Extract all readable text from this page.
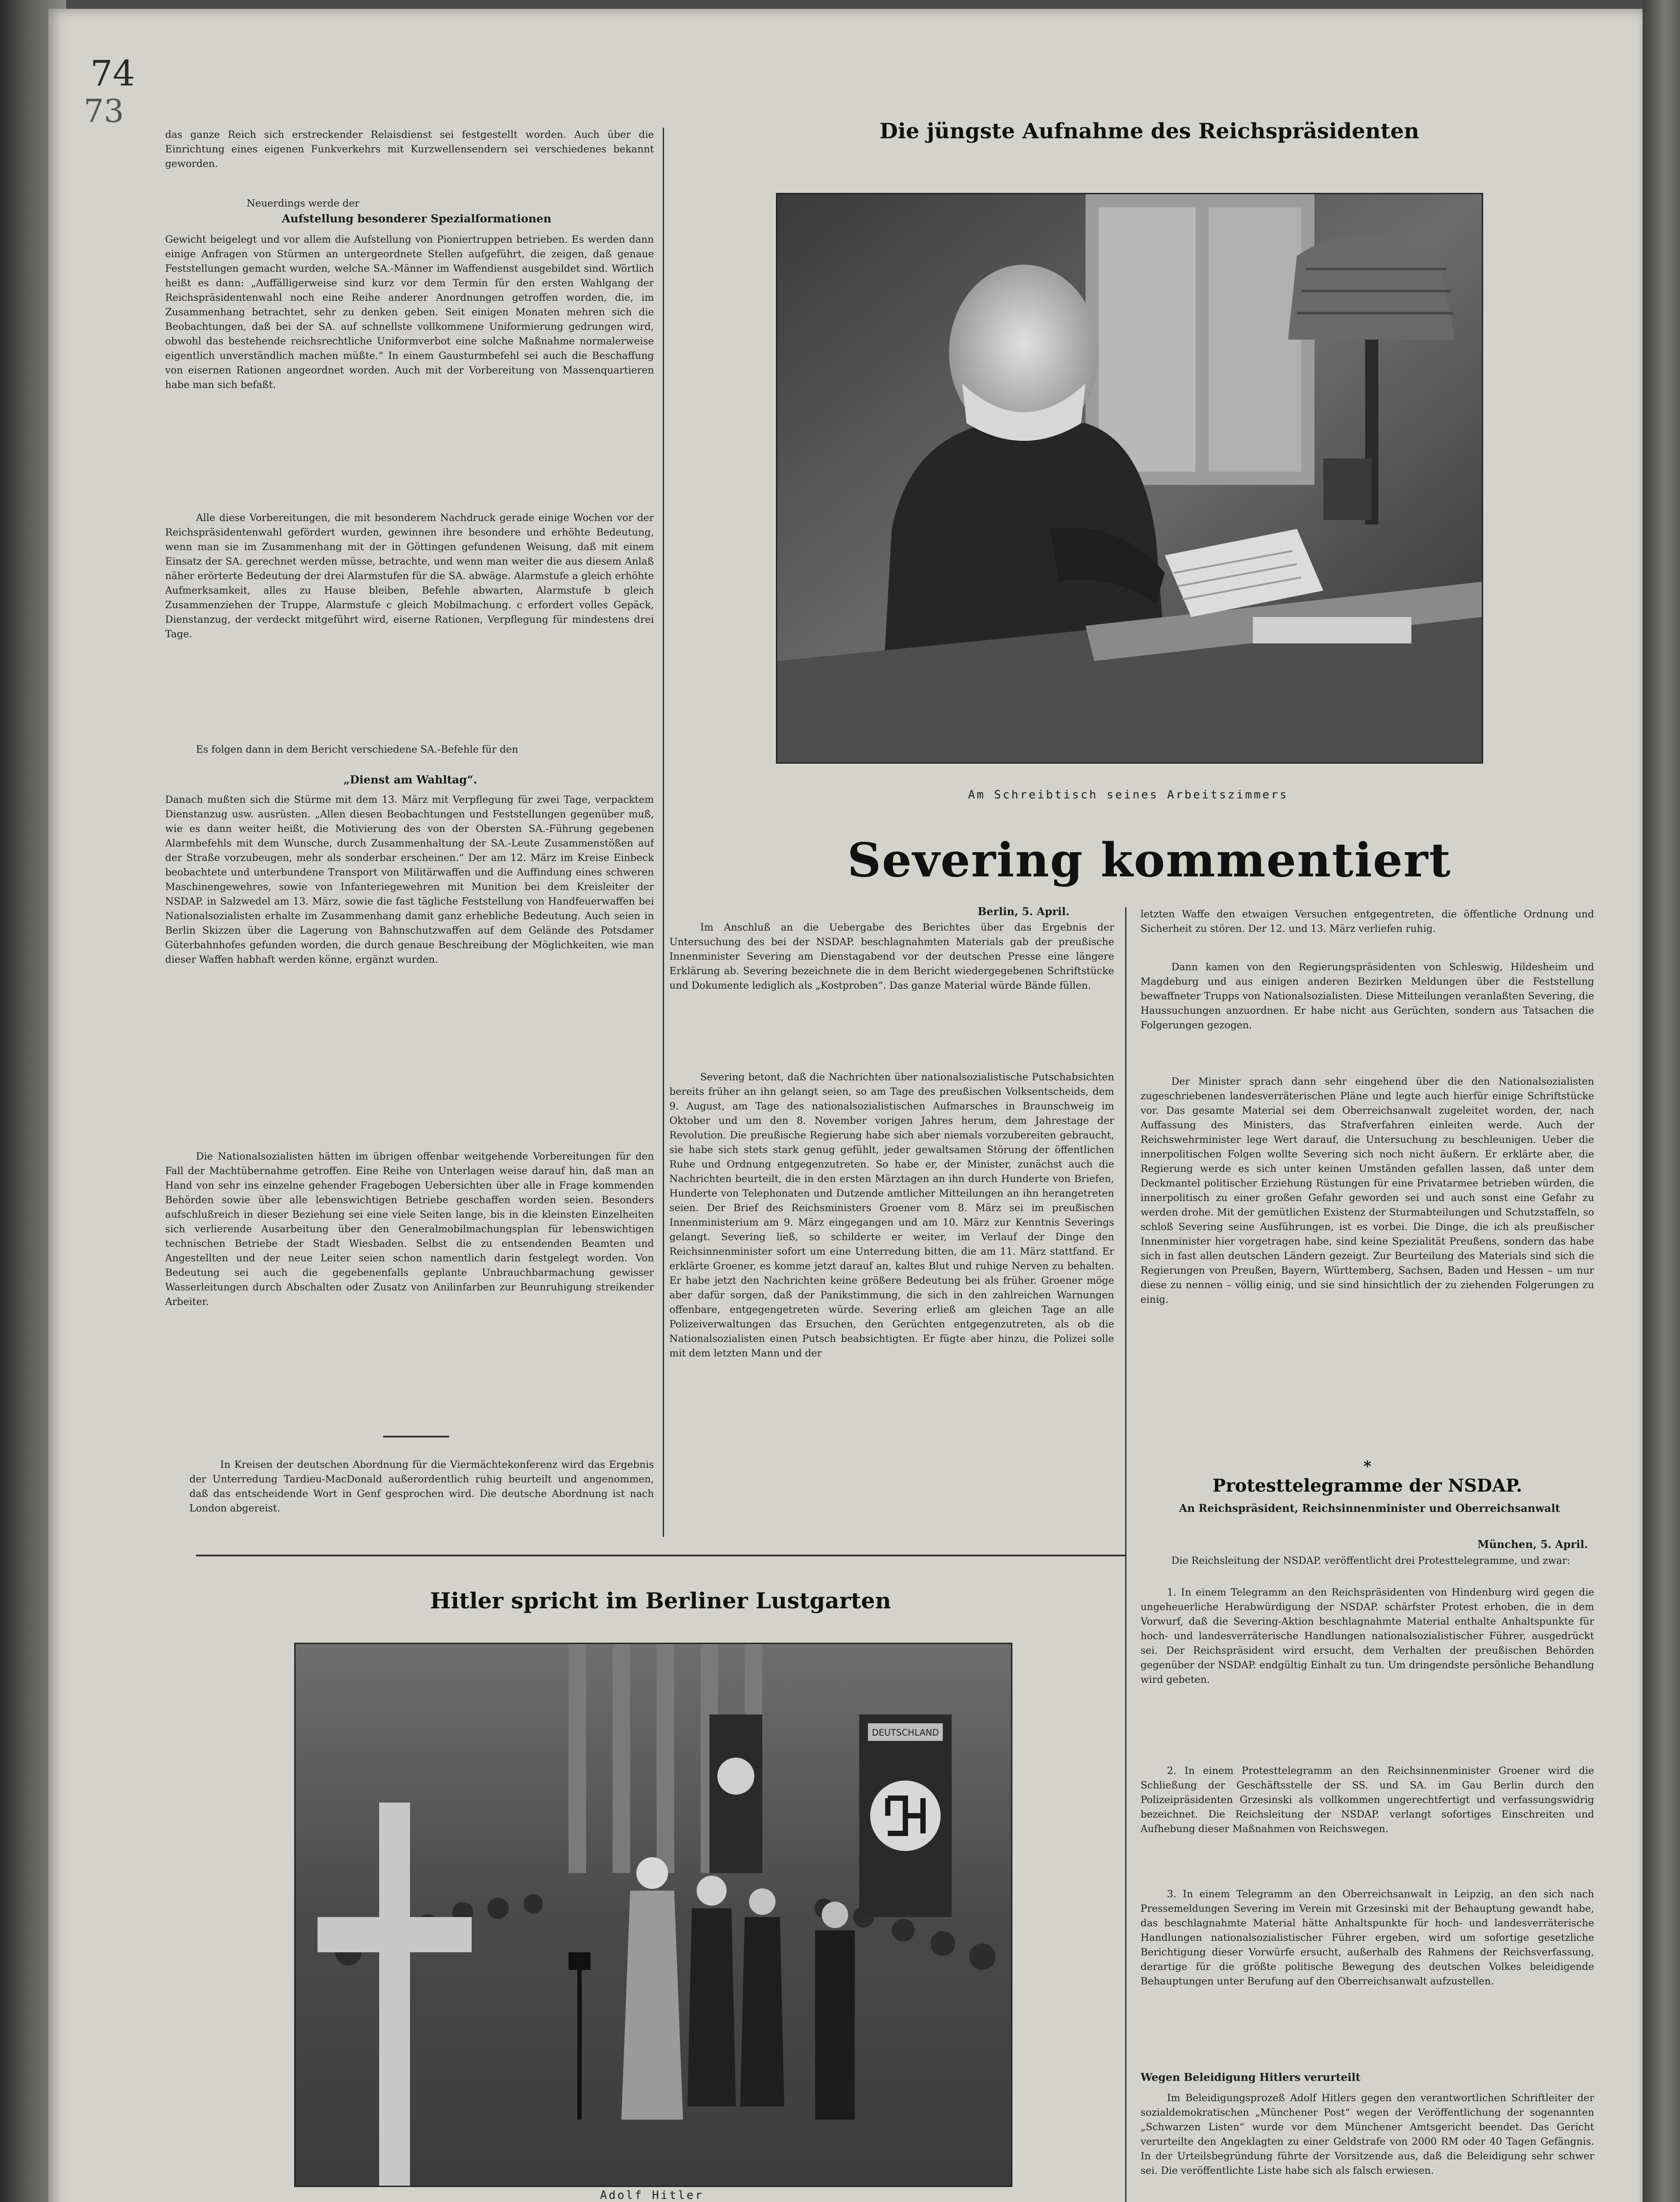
74
73
das ganze Reich sich erstreckender Relaisdienst sei festgestellt worden. Auch über die Einrichtung eines eigenen Funkverkehrs mit Kurzwellensendern sei verschiedenes bekannt geworden.
Neuerdings werde der
Aufstellung besonderer Spezialformationen
Gewicht beigelegt und vor allem die Aufstellung von Pioniertruppen betrieben. Es werden dann einige Anfragen von Stürmen an untergeordnete Stellen aufgeführt, die zeigen, daß genaue Feststellungen gemacht wurden, welche SA.-Männer im Waffendienst ausgebildet sind. Wörtlich heißt es dann: „Auffälligerweise sind kurz vor dem Termin für den ersten Wahlgang der Reichspräsidentenwahl noch eine Reihe anderer Anordnungen getroffen worden, die, im Zusammenhang betrachtet, sehr zu denken geben. Seit einigen Monaten mehren sich die Beobachtungen, daß bei der SA. auf schnellste vollkommene Uniformierung gedrungen wird, obwohl das bestehende reichsrechtliche Uniformverbot eine solche Maßnahme normalerweise eigentlich unverständlich machen müßte.“ In einem Gausturmbefehl sei auch die Beschaffung von eisernen Rationen angeordnet worden. Auch mit der Vorbereitung von Massenquartieren habe man sich befaßt.
Alle diese Vorbereitungen, die mit besonderem Nachdruck gerade einige Wochen vor der Reichspräsidentenwahl gefördert wurden, gewinnen ihre besondere und erhöhte Bedeutung, wenn man sie im Zusammenhang mit der in Göttingen gefundenen Weisung, daß mit einem Einsatz der SA. gerechnet werden müsse, betrachte, und wenn man weiter die aus diesem Anlaß näher erörterte Bedeutung der drei Alarmstufen für die SA. abwäge. Alarmstufe a gleich erhöhte Aufmerksamkeit, alles zu Hause bleiben, Befehle abwarten, Alarmstufe b gleich Zusammenziehen der Truppe, Alarmstufe c gleich Mobilmachung. c erfordert volles Gepäck, Dienstanzug, der verdeckt mitgeführt wird, eiserne Rationen, Verpflegung für mindestens drei Tage.
Es folgen dann in dem Bericht verschiedene SA.-Befehle für den
„Dienst am Wahltag“.
Danach mußten sich die Stürme mit dem 13. März mit Verpflegung für zwei Tage, verpacktem Dienstanzug usw. ausrüsten. „Allen diesen Beobachtungen und Feststellungen gegenüber muß, wie es dann weiter heißt, die Motivierung des von der Obersten SA.-Führung gegebenen Alarmbefehls mit dem Wunsche, durch Zusammenhaltung der SA.-Leute Zusammenstößen auf der Straße vorzubeugen, mehr als sonderbar erscheinen.“ Der am 12. März im Kreise Einbeck beobachtete und unterbundene Transport von Militärwaffen und die Auffindung eines schweren Maschinengewehres, sowie von Infanteriegewehren mit Munition bei dem Kreisleiter der NSDAP. in Salzwedel am 13. März, sowie die fast tägliche Feststellung von Handfeuerwaffen bei Nationalsozialisten erhalte im Zusammenhang damit ganz erhebliche Bedeutung. Auch seien in Berlin Skizzen über die Lagerung von Bahnschutzwaffen auf dem Gelände des Potsdamer Güterbahnhofes gefunden worden, die durch genaue Beschreibung der Möglichkeiten, wie man dieser Waffen habhaft werden könne, ergänzt wurden.
Die Nationalsozialisten hätten im übrigen offenbar weitgehende Vorbereitungen für den Fall der Machtübernahme getroffen. Eine Reihe von Unterlagen weise darauf hin, daß man an Hand von sehr ins einzelne gehender Fragebogen Uebersichten über alle in Frage kommenden Behörden sowie über alle lebenswichtigen Betriebe geschaffen worden seien. Besonders aufschlußreich in dieser Beziehung sei eine viele Seiten lange, bis in die kleinsten Einzelheiten sich verlierende Ausarbeitung über den Generalmobilmachungsplan für lebenswichtigen technischen Betriebe der Stadt Wiesbaden. Selbst die zu entsendenden Beamten und Angestellten und der neue Leiter seien schon namentlich darin festgelegt worden. Von Bedeutung sei auch die gegebenenfalls geplante Unbrauchbarmachung gewisser Wasserleitungen durch Abschalten oder Zusatz von Anilinfarben zur Beunruhigung streikender Arbeiter.
In Kreisen der deutschen Abordnung für die Viermächtekonferenz wird das Ergebnis der Unterredung Tardieu-MacDonald außerordentlich ruhig beurteilt und angenommen, daß das entscheidende Wort in Genf gesprochen wird. Die deutsche Abordnung ist nach London abgereist.
Die jüngste Aufnahme des Reichspräsidenten
Am Schreibtisch seines Arbeitszimmers
Severing kommentiert
Berlin, 5. April.
Im Anschluß an die Uebergabe des Berichtes über das Ergebnis der Untersuchung des bei der NSDAP. beschlagnahmten Materials gab der preußische Innenminister Severing am Dienstagabend vor der deutschen Presse eine längere Erklärung ab. Severing bezeichnete die in dem Bericht wiedergegebenen Schriftstücke und Dokumente lediglich als „Kostproben“. Das ganze Material würde Bände füllen.
Severing betont, daß die Nachrichten über nationalsozialistische Putschabsichten bereits früher an ihn gelangt seien, so am Tage des preußischen Volksentscheids, dem 9. August, am Tage des nationalsozialistischen Aufmarsches in Braunschweig im Oktober und um den 8. November vorigen Jahres herum, dem Jahrestage der Revolution. Die preußische Regierung habe sich aber niemals vorzubereiten gebraucht, sie habe sich stets stark genug gefühlt, jeder gewaltsamen Störung der öffentlichen Ruhe und Ordnung entgegenzutreten. So habe er, der Minister, zunächst auch die Nachrichten beurteilt, die in den ersten Märztagen an ihn durch Hunderte von Briefen, Hunderte von Telephonaten und Dutzende amtlicher Mitteilungen an ihn herangetreten seien. Der Brief des Reichsministers Groener vom 8. März sei im preußischen Innenministerium am 9. März eingegangen und am 10. März zur Kenntnis Severings gelangt. Severing ließ, so schilderte er weiter, im Verlauf der Dinge den Reichsinnenminister sofort um eine Unterredung bitten, die am 11. März stattfand. Er erklärte Groener, es komme jetzt darauf an, kaltes Blut und ruhige Nerven zu behalten. Er habe jetzt den Nachrichten keine größere Bedeutung bei als früher. Groener möge aber dafür sorgen, daß der Panikstimmung, die sich in den zahlreichen Warnungen offenbare, entgegengetreten würde. Severing erließ am gleichen Tage an alle Polizeiverwaltungen das Ersuchen, den Gerüchten entgegenzutreten, als ob die Nationalsozialisten einen Putsch beabsichtigten. Er fügte aber hinzu, die Polizei solle mit dem letzten Mann und der
letzten Waffe den etwaigen Versuchen entgegentreten, die öffentliche Ordnung und Sicherheit zu stören. Der 12. und 13. März verliefen ruhig.
Dann kamen von den Regierungspräsidenten von Schleswig, Hildesheim und Magdeburg und aus einigen anderen Bezirken Meldungen über die Feststellung bewaffneter Trupps von Nationalsozialisten. Diese Mitteilungen veranlaßten Severing, die Haussuchungen anzuordnen. Er habe nicht aus Gerüchten, sondern aus Tatsachen die Folgerungen gezogen.
Der Minister sprach dann sehr eingehend über die den Nationalsozialisten zugeschriebenen landesverräterischen Pläne und legte auch hierfür einige Schriftstücke vor. Das gesamte Material sei dem Oberreichsanwalt zugeleitet worden, der, nach Auffassung des Ministers, das Strafverfahren einleiten werde. Auch der Reichswehrminister lege Wert darauf, die Untersuchung zu beschleunigen. Ueber die innerpolitischen Folgen wollte Severing sich noch nicht äußern. Er erklärte aber, die Regierung werde es sich unter keinen Umständen gefallen lassen, daß unter dem Deckmantel politischer Erziehung Rüstungen für eine Privatarmee betrieben würden, die innerpolitisch zu einer großen Gefahr geworden sei und auch sonst eine Gefahr zu werden drohe. Mit der gemütlichen Existenz der Sturmabteilungen und Schutzstaffeln, so schloß Severing seine Ausführungen, ist es vorbei. Die Dinge, die ich als preußischer Innenminister hier vorgetragen habe, sind keine Spezialität Preußens, sondern das habe sich in fast allen deutschen Ländern gezeigt. Zur Beurteilung des Materials sind sich die Regierungen von Preußen, Bayern, Württemberg, Sachsen, Baden und Hessen – um nur diese zu nennen – völlig einig, und sie sind hinsichtlich der zu ziehenden Folgerungen zu einig.
*
Protesttelegramme der NSDAP.
An Reichspräsident, Reichsinnenminister und Oberreichsanwalt
München, 5. April.
Die Reichsleitung der NSDAP. veröffentlicht drei Protesttelegramme, und zwar:
1. In einem Telegramm an den Reichspräsidenten von Hindenburg wird gegen die ungeheuerliche Herabwürdigung der NSDAP. schärfster Protest erhoben, die in dem Vorwurf, daß die Severing-Aktion beschlagnahmte Material enthalte Anhaltspunkte für hoch- und landesverräterische Handlungen nationalsozialistischer Führer, ausgedrückt sei. Der Reichspräsident wird ersucht, dem Verhalten der preußischen Behörden gegenüber der NSDAP. endgültig Einhalt zu tun. Um dringendste persönliche Behandlung wird gebeten.
2. In einem Protesttelegramm an den Reichsinnenminister Groener wird die Schließung der Geschäftsstelle der SS. und SA. im Gau Berlin durch den Polizeipräsidenten Grzesinski als vollkommen ungerechtfertigt und verfassungswidrig bezeichnet. Die Reichsleitung der NSDAP. verlangt sofortiges Einschreiten und Aufhebung dieser Maßnahmen von Reichswegen.
3. In einem Telegramm an den Oberreichsanwalt in Leipzig, an den sich nach Pressemeldungen Severing im Verein mit Grzesinski mit der Behauptung gewandt habe, das beschlagnahmte Material hätte Anhaltspunkte für hoch- und landesverräterische Handlungen nationalsozialistischer Führer ergeben, wird um sofortige gesetzliche Berichtigung dieser Vorwürfe ersucht, außerhalb des Rahmens der Reichsverfassung, derartige für die größte politische Bewegung des deutschen Volkes beleidigende Behauptungen unter Berufung auf den Oberreichsanwalt aufzustellen.
Wegen Beleidigung Hitlers verurteilt
Im Beleidigungsprozeß Adolf Hitlers gegen den verantwortlichen Schriftleiter der sozialdemokratischen „Münchener Post“ wegen der Veröffentlichung der sogenannten „Schwarzen Listen“ wurde vor dem Münchener Amtsgericht beendet. Das Gericht verurteilte den Angeklagten zu einer Geldstrafe von 2000 RM oder 40 Tagen Gefängnis. In der Urteilsbegründung führte der Vorsitzende aus, daß die Beleidigung sehr schwer sei. Die veröffentlichte Liste habe sich als falsch erwiesen.
Hitler spricht im Berliner Lustgarten
DEUTSCHLAND
Adolf Hitler
